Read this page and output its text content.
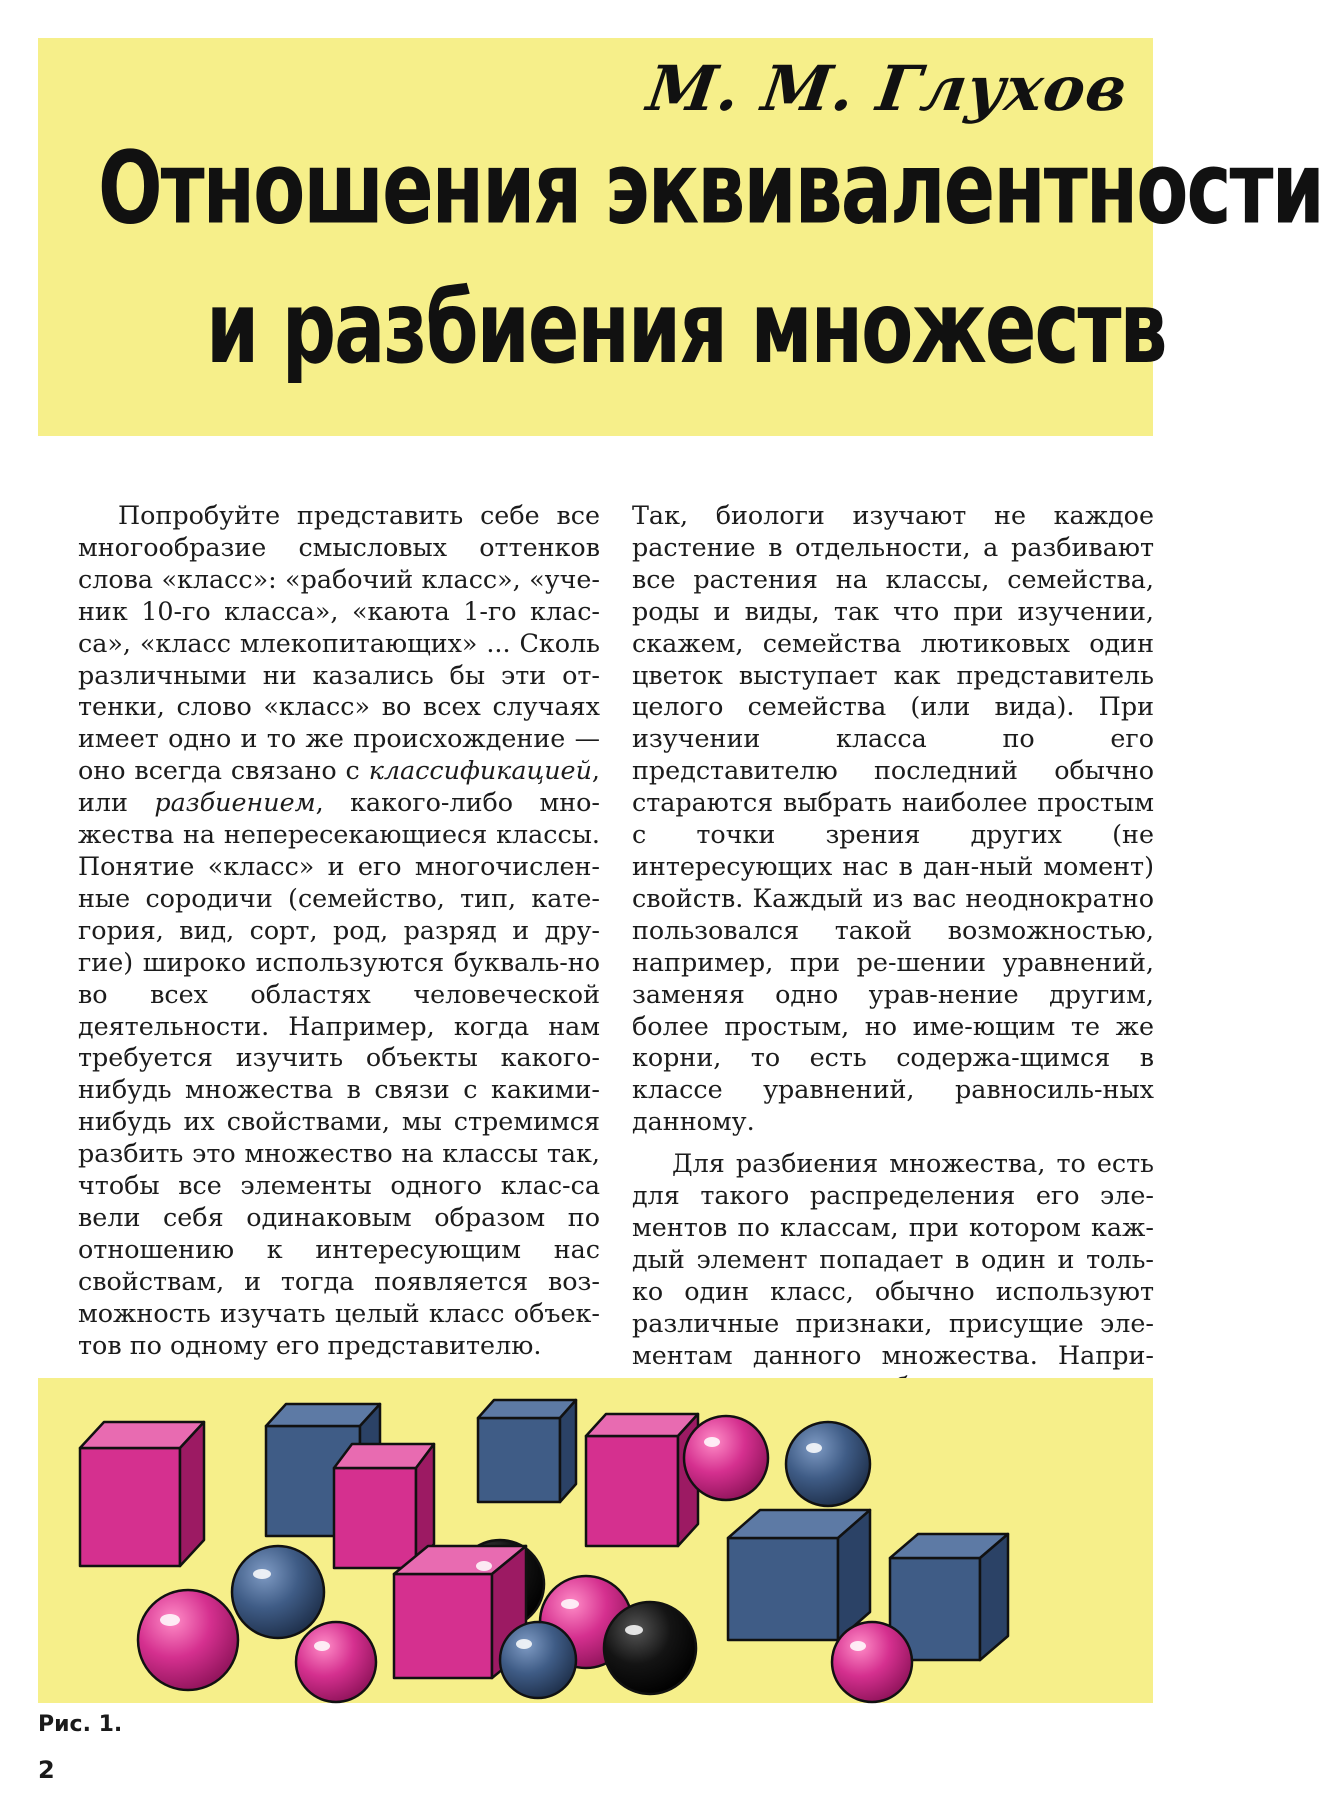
М. М. Глухов
Отношения эквивалентности
и разбиения множеств

Попробуйте представить себе все многообразие смысловых оттенков слова «класс»: «рабочий класс», «уче-ник 10-го класса», «каюта 1-го клас-са», «класс млекопитающих» ... Сколь различными ни казались бы эти от-тенки, слово «класс» во всех случаях имеет одно и то же происхождение — оно всегда связано с классификацией, или разбиением, какого-либо мно-жества на непересекающиеся классы. Понятие «класс» и его многочислен-ные сородичи (семейство, тип, кате-гория, вид, сорт, род, разряд и дру-гие) широко используются букваль-но во всех областях человеческой деятельности. Например, когда нам требуется изучить объекты какого-нибудь множества в связи с какими-нибудь их свойствами, мы стремимся разбить это множество на классы так, чтобы все элементы одного клас-са вели себя одинаковым образом по отношению к интересующим нас свойствам, и тогда появляется воз-можность изучать целый класс объек-тов по одному его представителю.

Так, биологи изучают не каждое растение в отдельности, а разбивают все растения на классы, семейства, роды и виды, так что при изучении, скажем, семейства лютиковых один цветок выступает как представитель целого семейства (или вида). При изучении класса по его представителю последний обычно стараются выбрать наиболее простым с точки зрения других (не интересующих нас в дан-ный момент) свойств. Каждый из вас неоднократно пользовался такой возможностью, например, при ре-шении уравнений, заменяя одно урав-нение другим, более простым, но име-ющим те же корни, то есть содержа-щимся в классе уравнений, равносиль-ных данному.

Для разбиения множества, то есть для такого распределения его эле-ментов по классам, при котором каж-дый элемент попадает в один и толь-ко один класс, обычно используют различные признаки, присущие эле-ментам данного множества. Напри-

Рис. 1.
2
